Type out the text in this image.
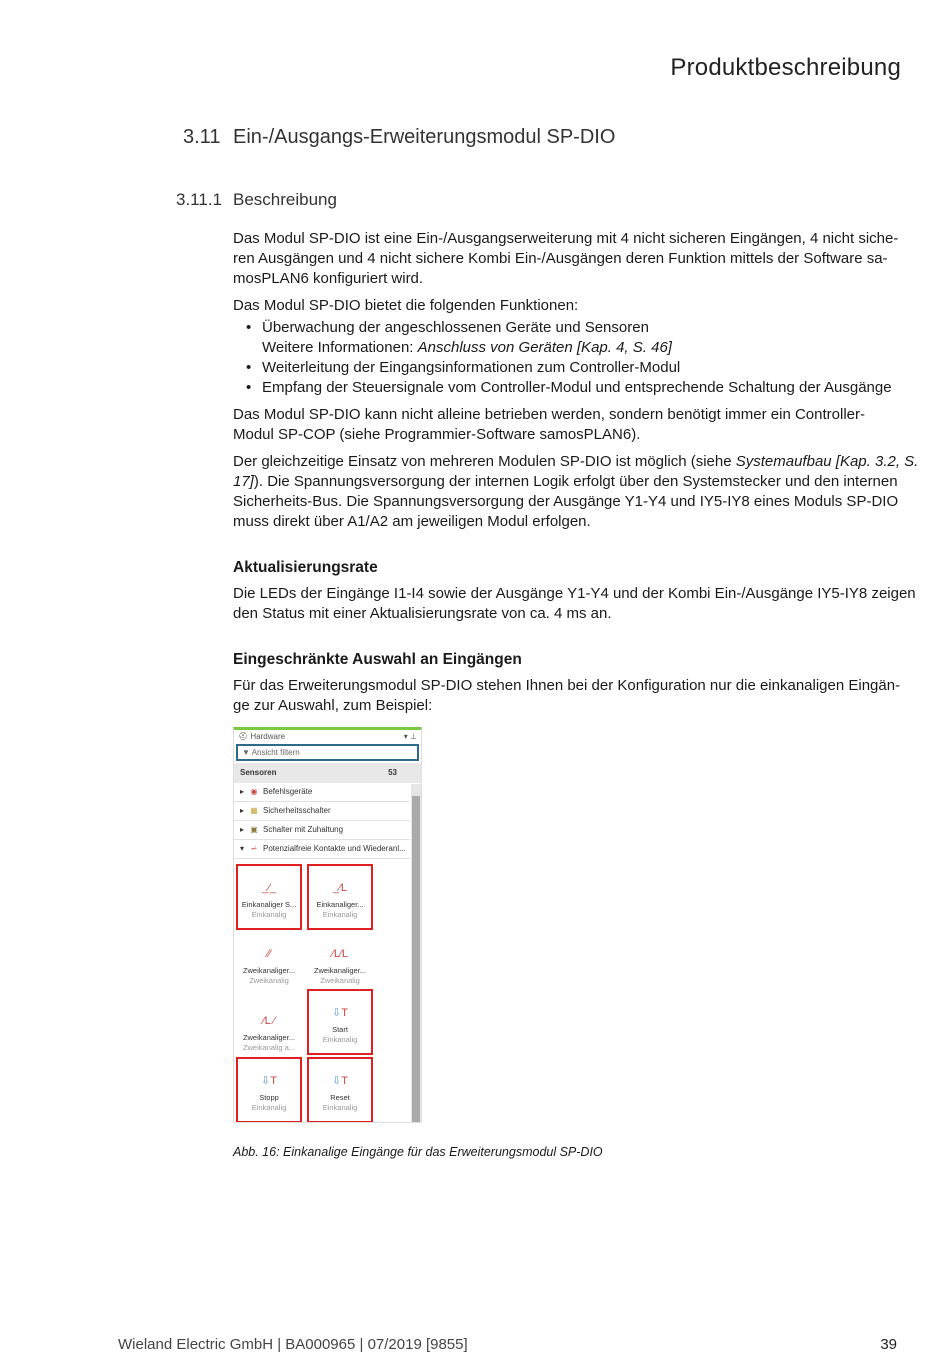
Produktbeschreibung
3.11 Ein-/Ausgangs-Erweiterungsmodul SP-DIO
3.11.1 Beschreibung
Das Modul SP-DIO ist eine Ein-/Ausgangserweiterung mit 4 nicht sicheren Eingängen, 4 nicht siche-
ren Ausgängen und 4 nicht sichere Kombi Ein-/Ausgängen deren Funktion mittels der Software sa-
mosPLAN6 konfiguriert wird.
Das Modul SP-DIO bietet die folgenden Funktionen:
• Überwachung der angeschlossenen Geräte und Sensoren
Weitere Informationen: Anschluss von Geräten [Kap. 4, S. 46]
• Weiterleitung der Eingangsinformationen zum Controller-Modul
• Empfang der Steuersignale vom Controller-Modul und entsprechende Schaltung der Ausgänge
Das Modul SP-DIO kann nicht alleine betrieben werden, sondern benötigt immer ein Controller-
Modul SP-COP (siehe Programmier-Software samosPLAN6).
Der gleichzeitige Einsatz von mehreren Modulen SP-DIO ist möglich (siehe Systemaufbau [Kap. 3.2, S.
17]). Die Spannungsversorgung der internen Logik erfolgt über den Systemstecker und den internen
Sicherheits-Bus. Die Spannungsversorgung der Ausgänge Y1-Y4 und IY5-IY8 eines Moduls SP-DIO
muss direkt über A1/A2 am jeweiligen Modul erfolgen.
Aktualisierungsrate
Die LEDs der Eingänge I1-I4 sowie der Ausgänge Y1-Y4 und der Kombi Ein-/Ausgänge IY5-IY8 zeigen
den Status mit einer Aktualisierungsrate von ca. 4 ms an.
Eingeschränkte Auswahl an Eingängen
Für das Erweiterungsmodul SP-DIO stehen Ihnen bei der Konfiguration nur die einkanaligen Eingän-
ge zur Auswahl, zum Beispiel:
⛑ Hardware	▾ ⊥
▼ Ansicht filtern
Sensoren	53
▸ ◉ Befehlsgeräte
▸ ▦ Sicherheitsschalter
▸ ▣ Schalter mit Zuhaltung
▾ ⩫ Potenzialfreie Kontakte und Wiederanl...
_⁄_
Einkanaliger S...
Einkanalig
_⁄L
Einkanaliger...
Einkanalig
⁄⁄
Zweikanaliger...
Zweikanalig
⁄L⁄L
Zweikanaliger...
Zweikanalig
⁄L ⁄
Zweikanaliger...
Zweikanalig a...
⇩T
Start
Einkanalig
⇩T
Stopp
Einkanalig
⇩T
Reset
Einkanalig
Abb. 16: Einkanalige Eingänge für das Erweiterungsmodul SP-DIO
Wieland Electric GmbH | BA000965 | 07/2019 [9855]	39
